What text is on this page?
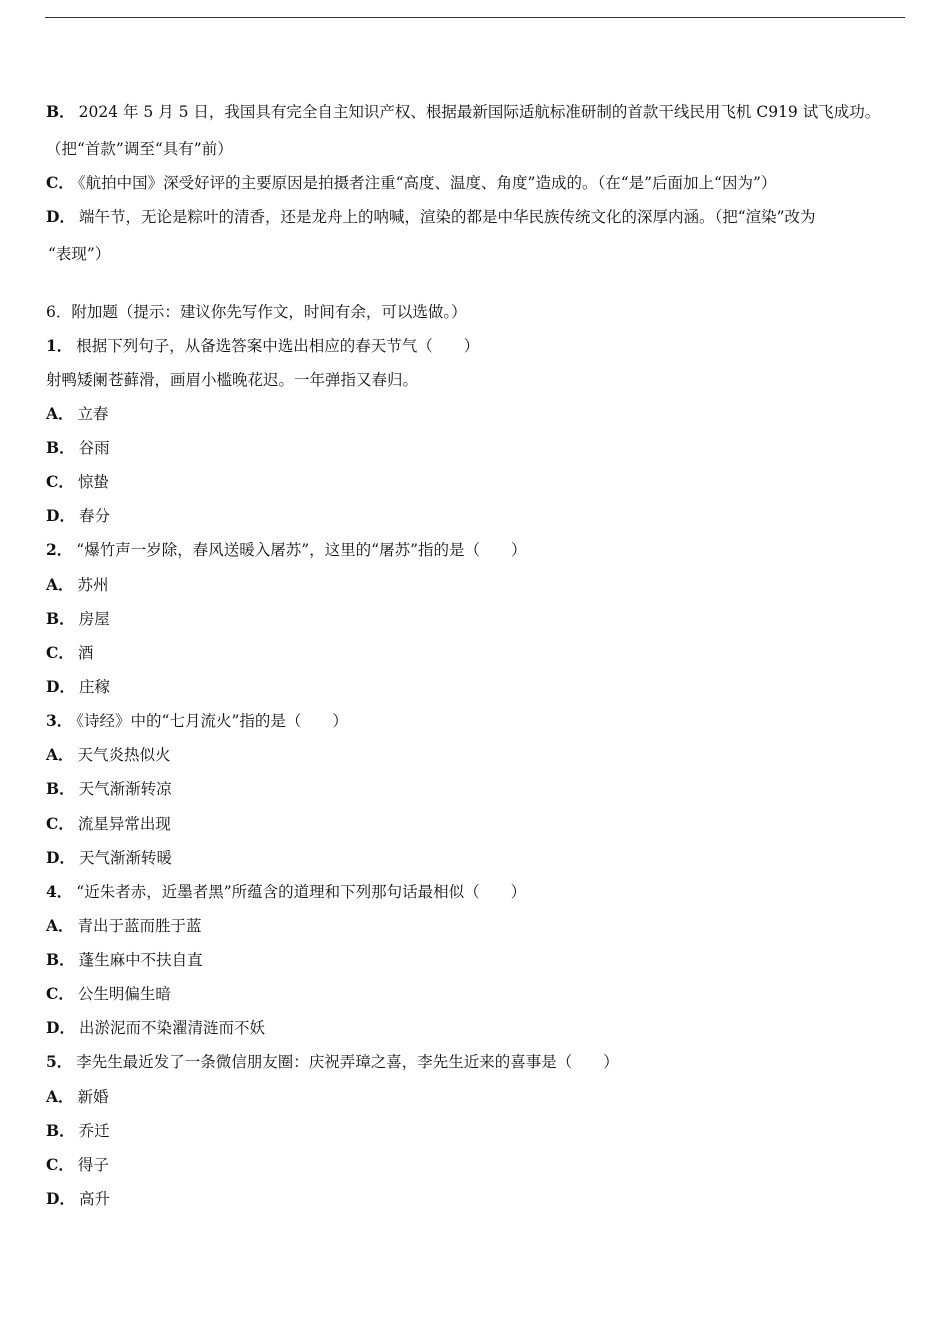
B． 2024 年 5 月 5 日，我国具有完全自主知识产权、根据最新国际适航标准研制的首款干线民用飞机 C919 试飞成功。
（把“首款”调至“具有”前）
C． 《航拍中国》深受好评的主要原因是拍摄者注重“高度、温度、角度”造成的。（在“是”后面加上“因为”）
D． 端午节，无论是粽叶的清香，还是龙舟上的呐喊，渲染的都是中华民族传统文化的深厚内涵。（把“渲染”改为
“表现”）
6．附加题（提示：建议你先写作文，时间有余，可以选做。）
1． 根据下列句子，从备选答案中选出相应的春天节气（　　）
射鸭矮阑苍藓滑，画眉小槛晚花迟。一年弹指又春归。
A． 立春
B． 谷雨
C． 惊蛰
D． 春分
2． “爆竹声一岁除，春风送暖入屠苏”，这里的“屠苏”指的是（　　）
A． 苏州
B． 房屋
C． 酒
D． 庄稼
3． 《诗经》中的“七月流火”指的是（　　）
A． 天气炎热似火
B． 天气渐渐转凉
C． 流星异常出现
D． 天气渐渐转暖
4． “近朱者赤，近墨者黑”所蕴含的道理和下列那句话最相似（　　）
A． 青出于蓝而胜于蓝
B． 蓬生麻中不扶自直
C． 公生明偏生暗
D． 出淤泥而不染濯清涟而不妖
5． 李先生最近发了一条微信朋友圈：庆祝弄璋之喜，李先生近来的喜事是（　　）
A． 新婚
B． 乔迁
C． 得子
D． 高升
